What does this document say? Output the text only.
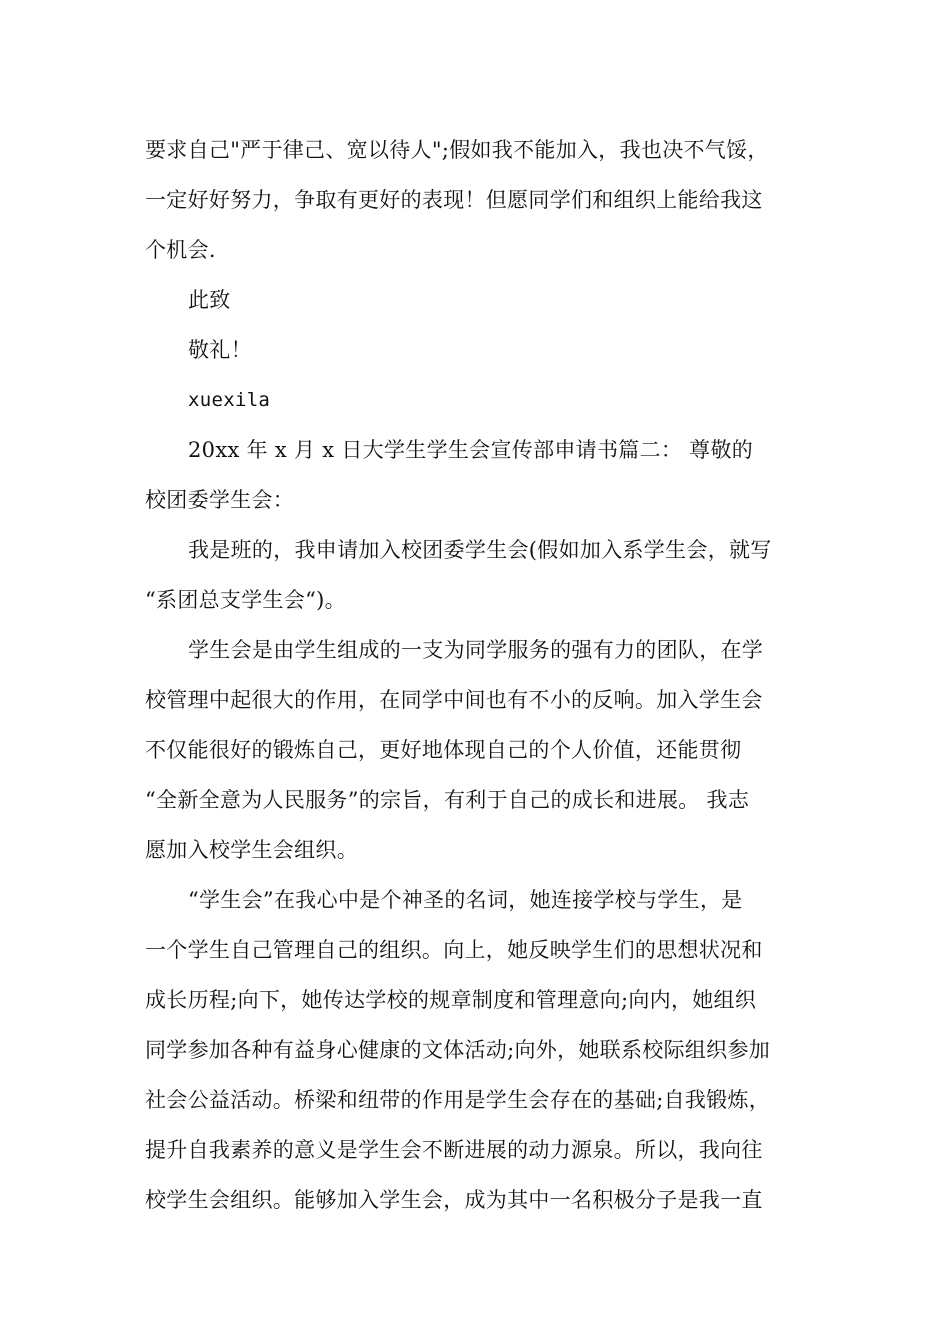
要求自己"严于律己、宽以待人";假如我不能加入，我也决不气馁，
一定好好努力，争取有更好的表现！但愿同学们和组织上能给我这
个机会.
此致
敬礼！
xuexila
20xx 年 x 月 x 日大学生学生会宣传部申请书篇二： 尊敬的
校团委学生会：
我是班的，我申请加入校团委学生会(假如加入系学生会，就写
“系团总支学生会“)。
学生会是由学生组成的一支为同学服务的强有力的团队，在学
校管理中起很大的作用，在同学中间也有不小的反响。加入学生会
不仅能很好的锻炼自己，更好地体现自己的个人价值，还能贯彻
“全新全意为人民服务”的宗旨，有利于自己的成长和进展。 我志
愿加入校学生会组织。
“学生会”在我心中是个神圣的名词，她连接学校与学生，是
一个学生自己管理自己的组织。向上，她反映学生们的思想状况和
成长历程;向下，她传达学校的规章制度和管理意向;向内，她组织
同学参加各种有益身心健康的文体活动;向外，她联系校际组织参加
社会公益活动。桥梁和纽带的作用是学生会存在的基础;自我锻炼，
提升自我素养的意义是学生会不断进展的动力源泉。所以，我向往
校学生会组织。能够加入学生会，成为其中一名积极分子是我一直
